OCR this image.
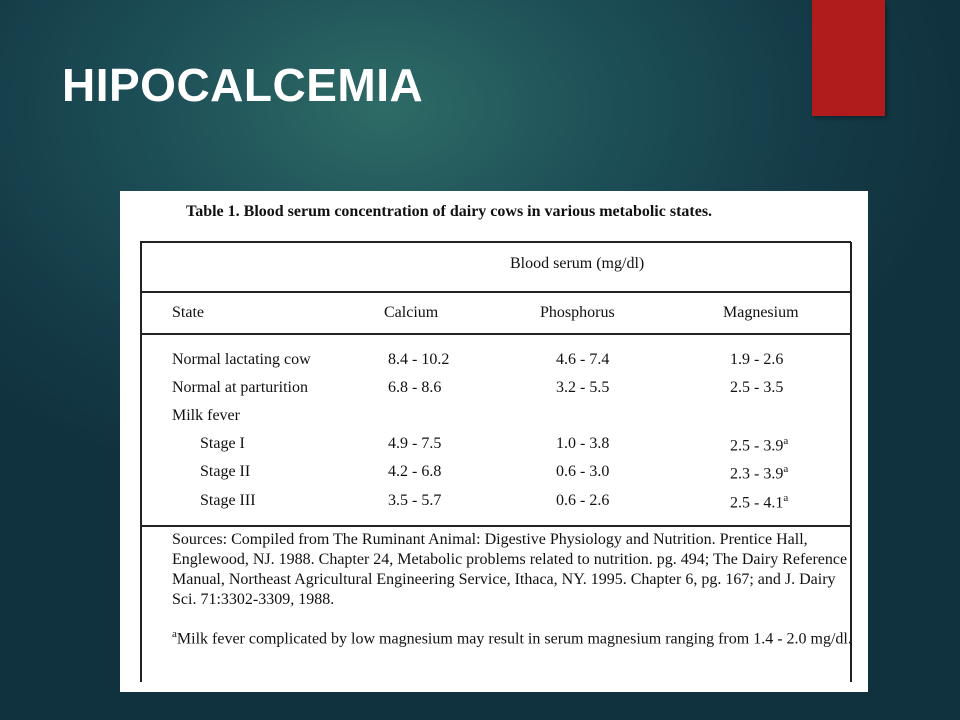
HIPOCALCEMIA
Table 1. Blood serum concentration of dairy cows in various metabolic states.
Blood serum (mg/dl)
State	Calcium	Phosphorus	Magnesium
Normal lactating cow	8.4 - 10.2	4.6 - 7.4	1.9 - 2.6
Normal at parturition	6.8 - 8.6	3.2 - 5.5	2.5 - 3.5
Milk fever
Stage I	4.9 - 7.5	1.0 - 3.8	2.5 - 3.9$^a$
Stage II	4.2 - 6.8	0.6 - 3.0	2.3 - 3.9$^a$
Stage III	3.5 - 5.7	0.6 - 2.6	2.5 - 4.1$^a$
Sources: Compiled from The Ruminant Animal: Digestive Physiology and Nutrition. Prentice Hall, Englewood, NJ. 1988. Chapter 24, Metabolic problems related to nutrition. pg. 494; The Dairy Reference Manual, Northeast Agricultural Engineering Service, Ithaca, NY. 1995. Chapter 6, pg. 167; and J. Dairy Sci. 71:3302-3309, 1988.
$^a$Milk fever complicated by low magnesium may result in serum magnesium ranging from 1.4 - 2.0 mg/dl.
